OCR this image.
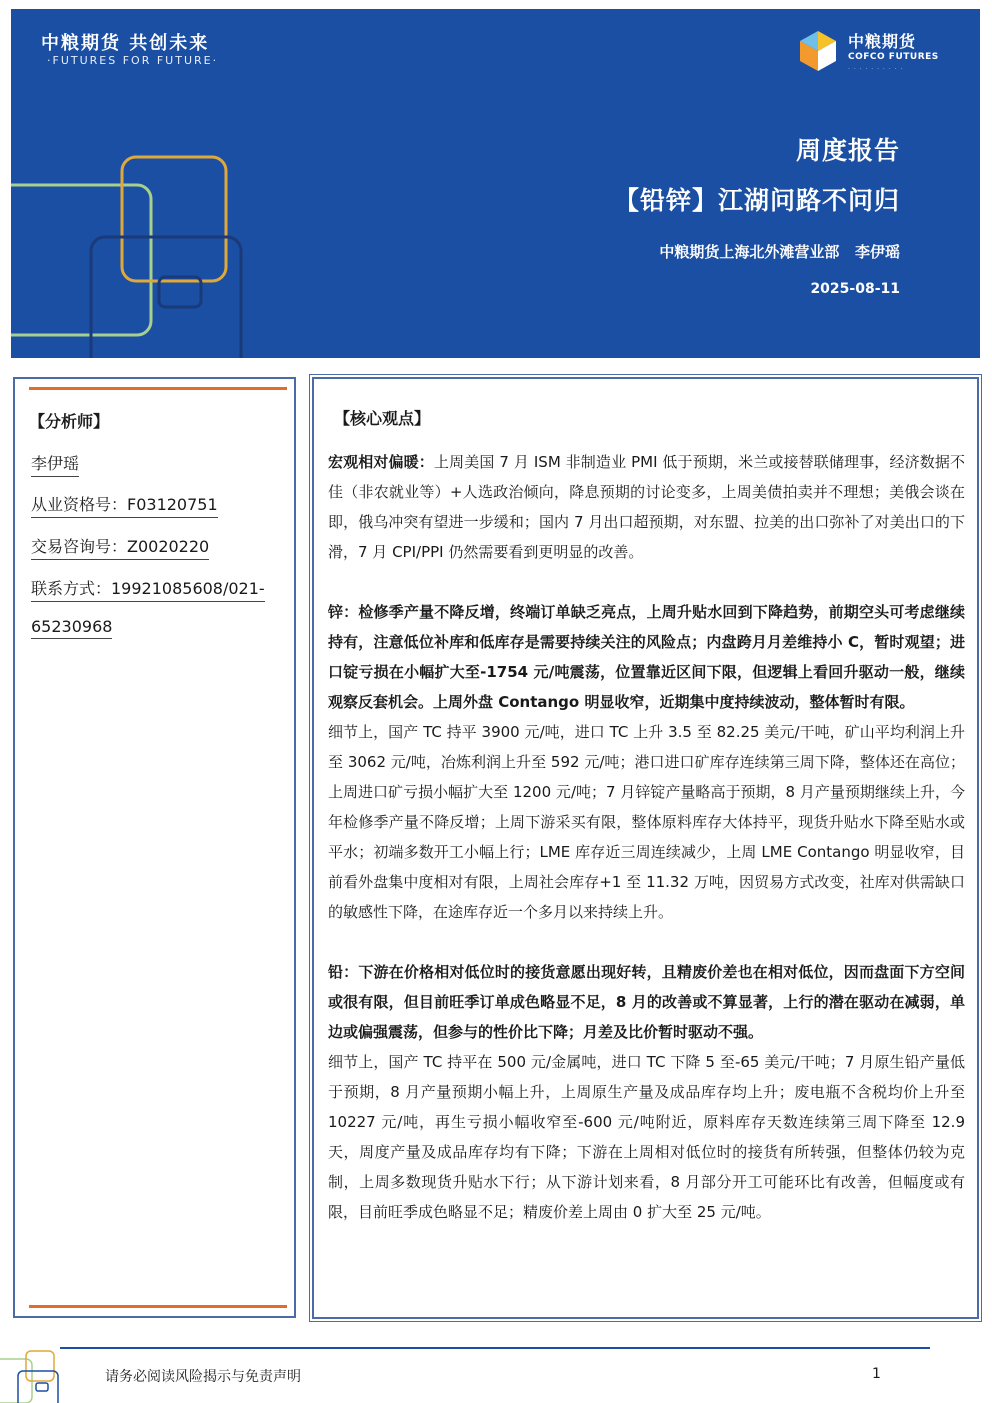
中粮期货 共创未来
·FUTURES FOR FUTURE·
中粮期货
COFCO FUTURES
· · · · · · · · · ·
周度报告
【铅锌】江湖问路不问归
中粮期货上海北外滩营业部   李伊瑶
2025-08-11
【分析师】
李伊瑶
从业资格号：F03120751
交易咨询号：Z0020220
联系方式：19921085608/021-
65230968
【核心观点】

宏观相对偏暖：上周美国 7 月 ISM 非制造业 PMI 低于预期，米兰或接替联储理事，经济数据不佳（非农就业等）+人选政治倾向，降息预期的讨论变多，上周美债拍卖并不理想；美俄会谈在即，俄乌冲突有望进一步缓和；国内 7 月出口超预期，对东盟、拉美的出口弥补了对美出口的下滑，7 月 CPI/PPI 仍然需要看到更明显的改善。

锌：检修季产量不降反增，终端订单缺乏亮点，上周升贴水回到下降趋势，前期空头可考虑继续持有，注意低位补库和低库存是需要持续关注的风险点；内盘跨月月差维持小 C，暂时观望；进口锭亏损在小幅扩大至-1754 元/吨震荡，位置靠近区间下限，但逻辑上看回升驱动一般，继续观察反套机会。上周外盘 Contango 明显收窄，近期集中度持续波动，整体暂时有限。

细节上，国产 TC 持平 3900 元/吨，进口 TC 上升 3.5 至 82.25 美元/干吨，矿山平均利润上升至 3062 元/吨，冶炼利润上升至 592 元/吨；港口进口矿库存连续第三周下降，整体还在高位；上周进口矿亏损小幅扩大至 1200 元/吨；7 月锌锭产量略高于预期，8 月产量预期继续上升，今年检修季产量不降反增；上周下游采买有限，整体原料库存大体持平，现货升贴水下降至贴水或平水；初端多数开工小幅上行；LME 库存近三周连续减少，上周 LME Contango 明显收窄，目前看外盘集中度相对有限，上周社会库存+1 至 11.32 万吨，因贸易方式改变，社库对供需缺口的敏感性下降，在途库存近一个多月以来持续上升。

铅：下游在价格相对低位时的接货意愿出现好转，且精废价差也在相对低位，因而盘面下方空间或很有限，但目前旺季订单成色略显不足，8 月的改善或不算显著，上行的潜在驱动在减弱，单边或偏强震荡，但参与的性价比下降；月差及比价暂时驱动不强。

细节上，国产 TC 持平在 500 元/金属吨，进口 TC 下降 5 至-65 美元/干吨；7 月原生铅产量低于预期，8 月产量预期小幅上升，上周原生产量及成品库存均上升；废电瓶不含税均价上升至 10227 元/吨，再生亏损小幅收窄至-600 元/吨附近，原料库存天数连续第三周下降至 12.9 天，周度产量及成品库存均有下降；下游在上周相对低位时的接货有所转强，但整体仍较为克制，上周多数现货升贴水下行；从下游计划来看，8 月部分开工可能环比有改善，但幅度或有限，目前旺季成色略显不足；精废价差上周由 0 扩大至 25 元/吨。

请务必阅读风险揭示与免责声明	1
